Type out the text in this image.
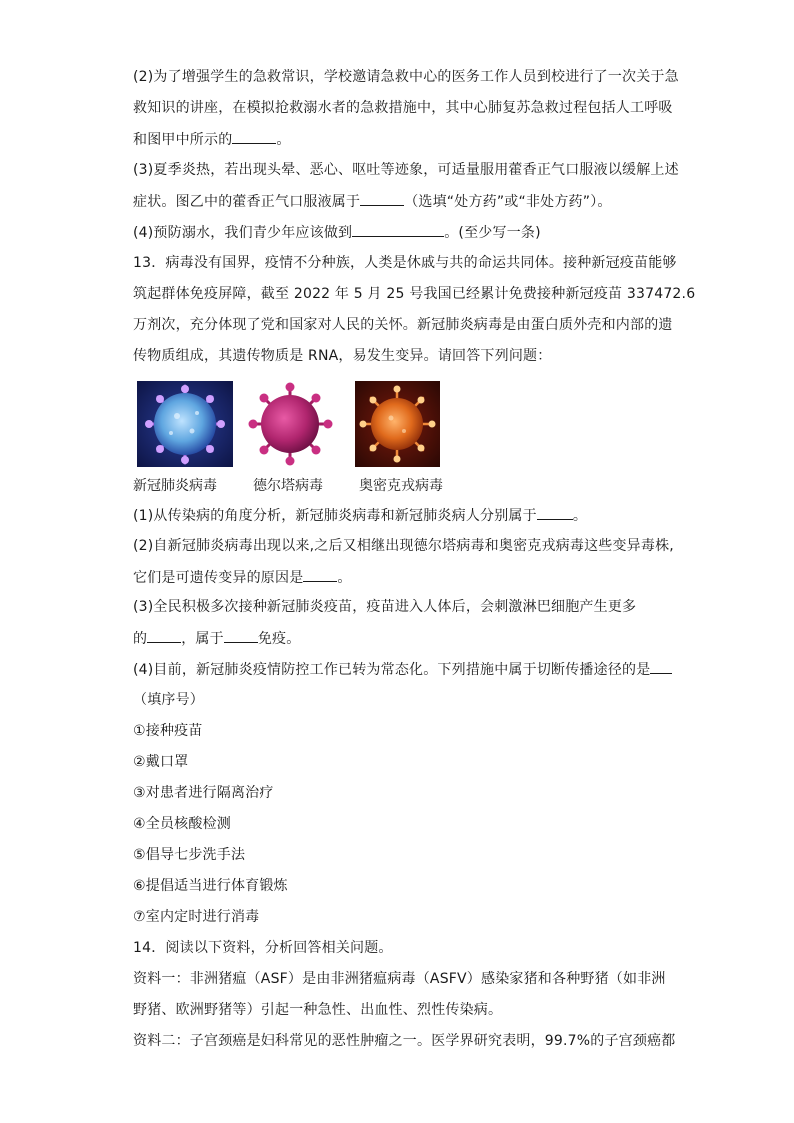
(2)为了增强学生的急救常识，学校邀请急救中心的医务工作人员到校进行了一次关于急
救知识的讲座，在模拟抢救溺水者的急救措施中，其中心肺复苏急救过程包括人工呼吸
和图甲中所示的	。
(3)夏季炎热，若出现头晕、恶心、呕吐等迹象，可适量服用藿香正气口服液以缓解上述
症状。图乙中的藿香正气口服液属于	（选填“处方药”或“非处方药”）。
(4)预防溺水，我们青少年应该做到	。(至少写一条)
13．病毒没有国界，疫情不分种族，人类是休戚与共的命运共同体。接种新冠疫苗能够
筑起群体免疫屏障，截至 2022 年 5 月 25 号我国已经累计免费接种新冠疫苗 337472.6
万剂次，充分体现了党和国家对人民的关怀。新冠肺炎病毒是由蛋白质外壳和内部的遗
传物质组成，其遗传物质是 RNA，易发生变异。请回答下列问题：
新冠肺炎病毒	德尔塔病毒	奥密克戎病毒
(1)从传染病的角度分析，新冠肺炎病毒和新冠肺炎病人分别属于	。
(2)自新冠肺炎病毒出现以来,之后又相继出现德尔塔病毒和奥密克戎病毒这些变异毒株,
它们是可遗传变异的原因是 。
(3)全民积极多次接种新冠肺炎疫苗，疫苗进入人体后，会刺激淋巴细胞产生更多
的 ，属于 免疫。
(4)目前，新冠肺炎疫情防控工作已转为常态化。下列措施中属于切断传播途径的是
（填序号）
①接种疫苗
②戴口罩
③对患者进行隔离治疗
④全员核酸检测
⑤倡导七步洗手法
⑥提倡适当进行体育锻炼
⑦室内定时进行消毒
14．阅读以下资料，分析回答相关问题。
资料一：非洲猪瘟（ASF）是由非洲猪瘟病毒（ASFV）感染家猪和各种野猪（如非洲
野猪、欧洲野猪等）引起一种急性、出血性、烈性传染病。
资料二：子宫颈癌是妇科常见的恶性肿瘤之一。医学界研究表明，99.7%的子宫颈癌都
